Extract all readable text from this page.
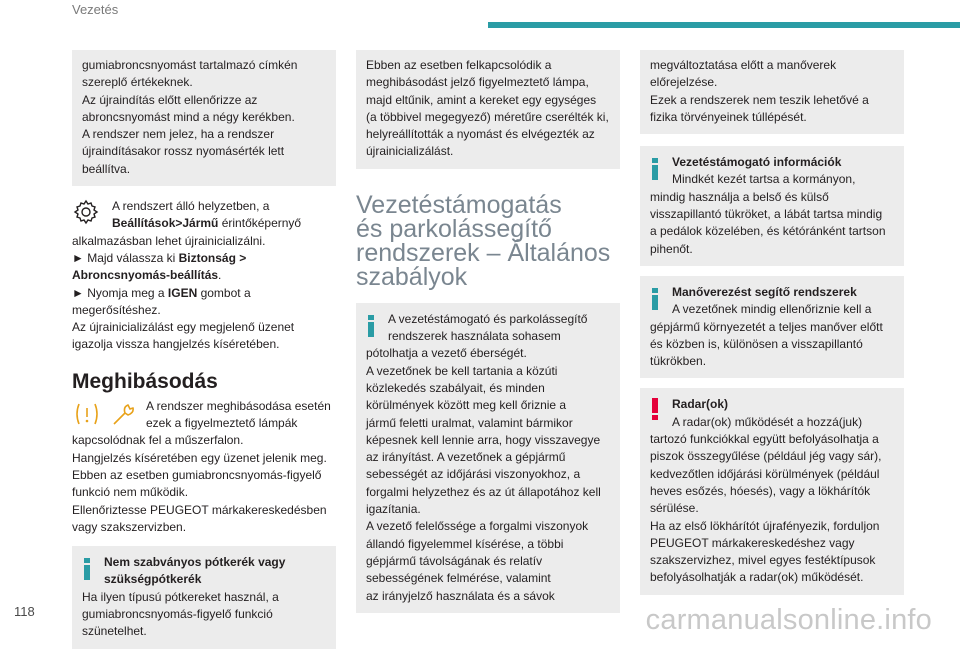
Vezetés
gumiabroncsnyomást tartalmazó címkén
szereplő értékeknek.
Az újraindítás előtt ellenőrizze az
abroncsnyomást mind a négy kerékben.
A rendszer nem jelez, ha a rendszer
újraindításakor rossz nyomásérték lett
beállítva.
A rendszert álló helyzetben, a
Beállítások>Jármű érintőképernyő
alkalmazásban lehet újrainicializálni.
► Majd válassza ki Biztonság >
Abroncsnyomás-beállítás.
► Nyomja meg a IGEN gombot a
megerősítéshez.
Az újrainicializálást egy megjelenő üzenet
igazolja vissza hangjelzés kíséretében.
Meghibásodás
A rendszer meghibásodása esetén
ezek a figyelmeztető lámpák
kapcsolódnak fel a műszerfalon.
Hangjelzés kíséretében egy üzenet jelenik meg.
Ebben az esetben gumiabroncsnyomás-figyelő
funkció nem működik.
Ellenőriztesse PEUGEOT márkakereskedésben
vagy szakszervizben.
Nem szabványos pótkerék vagy
szükségpótkerék
Ha ilyen típusú pótkereket használ, a
gumiabroncsnyomás-figyelő funkció
szünetelhet.
Ebben az esetben felkapcsolódik a
meghibásodást jelző figyelmeztető lámpa,
majd eltűnik, amint a kereket egy egységes
(a többivel megegyező) méretűre cserélték ki,
helyreállították a nyomást és elvégezték az
újrainicializálást.
Vezetéstámogatás
és parkolássegítő
rendszerek – Általános
szabályok
A vezetéstámogató és parkolássegítő
rendszerek használata sohasem
pótolhatja a vezető éberségét.
A vezetőnek be kell tartania a közúti
közlekedés szabályait, és minden
körülmények között meg kell őriznie a
jármű feletti uralmat, valamint bármikor
képesnek kell lennie arra, hogy visszavegye
az irányítást. A vezetőnek a gépjármű
sebességét az időjárási viszonyokhoz, a
forgalmi helyzethez és az út állapotához kell
igazítania.
A vezető felelőssége a forgalmi viszonyok
állandó figyelemmel kísérése, a többi
gépjármű távolságának és relatív
sebességének felmérése, valamint
az irányjelző használata és a sávok
megváltoztatása előtt a manőverek
előrejelzése.
Ezek a rendszerek nem teszik lehetővé a
fizika törvényeinek túllépését.
Vezetéstámogató információk
Mindkét kezét tartsa a kormányon,
mindig használja a belső és külső
visszapillantó tükröket, a lábát tartsa mindig
a pedálok közelében, és kétóránként tartson
pihenőt.
Manőverezést segítő rendszerek
A vezetőnek mindig ellenőriznie kell a
gépjármű környezetét a teljes manőver előtt
és közben is, különösen a visszapillantó
tükrökben.
Radar(ok)
A radar(ok) működését a hozzá(juk)
tartozó funkciókkal együtt befolyásolhatja a
piszok összegyűlése (például jég vagy sár),
kedvezőtlen időjárási körülmények (például
heves esőzés, hóesés), vagy a lökhárítók
sérülése.
Ha az első lökhárítót újrafényezik, forduljon
PEUGEOT márkakereskedéshez vagy
szakszervizhez, mivel egyes festéktípusok
befolyásolhatják a radar(ok) működését.
118	carmanualsonline.info
